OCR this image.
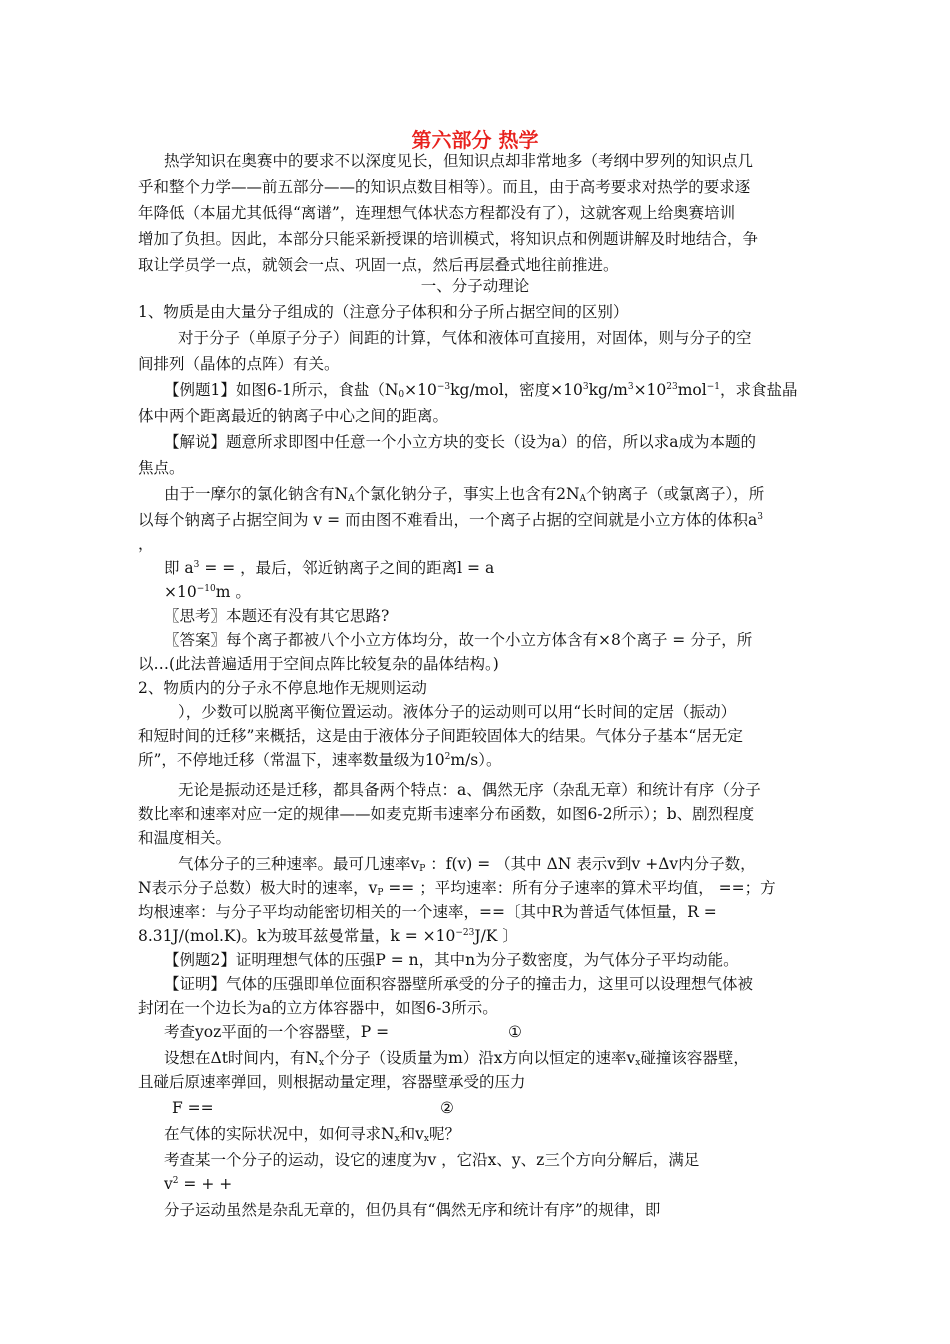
第六部分 热学
热学知识在奥赛中的要求不以深度见长，但知识点却非常地多（考纲中罗列的知识点几
乎和整个力学——前五部分——的知识点数目相等）。而且，由于高考要求对热学的要求逐
年降低（本届尤其低得“离谱”，连理想气体状态方程都没有了），这就客观上给奥赛培训
增加了负担。因此，本部分只能采新授课的培训模式，将知识点和例题讲解及时地结合，争
取让学员学一点，就领会一点、巩固一点，然后再层叠式地往前推进。
一、分子动理论
1、物质是由大量分子组成的（注意分子体积和分子所占据空间的区别）
对于分子（单原子分子）间距的计算，气体和液体可直接用，对固体，则与分子的空
间排列（晶体的点阵）有关。
【例题1】如图6-1所示，食盐（$N_0\times 10^{-3}kg$/mol，密度$\times 10^3kg/m^3\times 10^{23}mol^{-1}$，求食盐晶
体中两个距离最近的钠离子中心之间的距离。
【解说】题意所求即图中任意一个小立方块的变长（设为a）的倍，所以求a成为本题的
焦点。
由于一摩尔的氯化钠含有$N_A$个氯化钠分子，事实上也含有$2N_A$个钠离子（或氯离子），所
以每个钠离子占据空间为 v = 而由图不难看出，一个离子占据的空间就是小立方体的体积$a^3$
，
即 $a^3$ = = ，最后，邻近钠离子之间的距离l = a
$\times 10^{-10}m$ 。
〖思考〗本题还有没有其它思路?
〖答案〗每个离子都被八个小立方体均分，故一个小立方体含有×8个离子 = 分子，所
以…(此法普遍适用于空间点阵比较复杂的晶体结构。)
2、物质内的分子永不停息地作无规则运动
），少数可以脱离平衡位置运动。液体分子的运动则可以用“长时间的定居（振动）
和短时间的迁移”来概括，这是由于液体分子间距较固体大的结果。气体分子基本“居无定
所”，不停地迁移（常温下，速率数量级为$10^2m/s$）。
无论是振动还是迁移，都具备两个特点：a、偶然无序（杂乱无章）和统计有序（分子
数比率和速率对应一定的规律——如麦克斯韦速率分布函数，如图6-2所示）；b、剧烈程度
和温度相关。
气体分子的三种速率。最可几速率$v_P$ ：f(v) = （其中 ΔN 表示v到v +Δv内分子数，
N表示分子总数）极大时的速率，$v_P$ == ；平均速率：所有分子速率的算术平均值， ==；方
均根速率：与分子平均动能密切相关的一个速率，==〔其中R为普适气体恒量，R =
8.31J/(mol.K)。k为玻耳兹曼常量，$k = \times 10^{-23}J/K$ 〕
【例题2】证明理想气体的压强P = n，其中n为分子数密度，为气体分子平均动能。
【证明】气体的压强即单位面积容器壁所承受的分子的撞击力，这里可以设理想气体被
封闭在一个边长为a的立方体容器中，如图6-3所示。
考查yoz平面的一个容器壁，P =	①
设想在Δt时间内，有$N_x$个分子（设质量为m）沿x方向以恒定的速率$v_x$碰撞该容器壁，
且碰后原速率弹回，则根据动量定理，容器壁承受的压力
F ==	②
在气体的实际状况中，如何寻求$N_x$和$v_x$呢？
考查某一个分子的运动，设它的速度为v ，它沿x、y、z三个方向分解后，满足
$v^2$ = + +
分子运动虽然是杂乱无章的，但仍具有“偶然无序和统计有序”的规律，即
